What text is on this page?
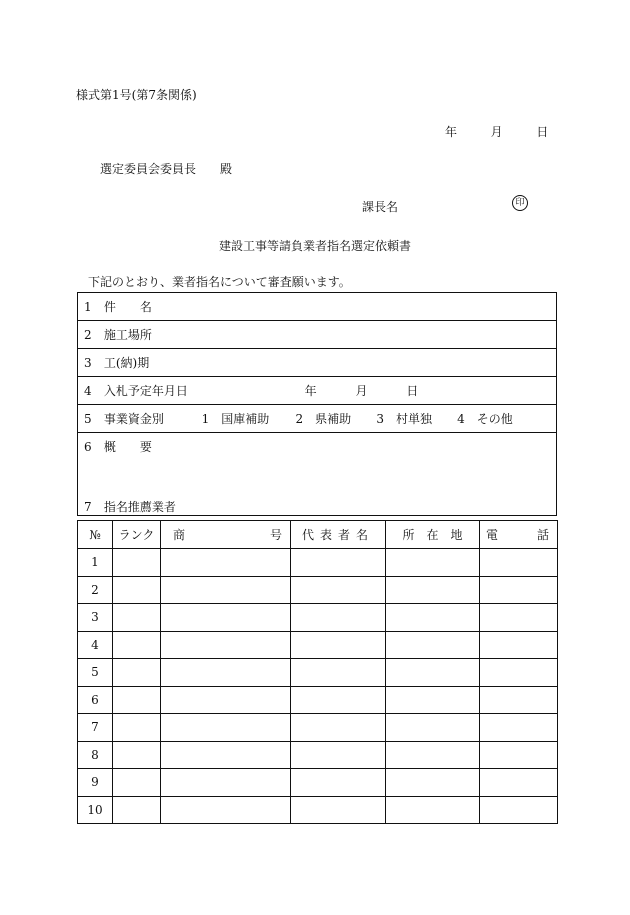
様式第1号(第7条関係)
年	月	日
選定委員会委員長　　殿
課長名	印
建設工事等請負業者指名選定依頼書
下記のとおり、業者指名について審査願います。
1 件　　名
2 施工場所
3 工(納)期
4 入札予定年月日	年	月	日
5 事業資金別	1　国庫補助 2　県補助 3　村単独 4　その他

6 概　　要
7 指名推薦業者
№	ランク	商 号	代表者名	所　在　地	電 話

1					
2					
3					
4					
5					
6					
7					
8					
9					
10					
